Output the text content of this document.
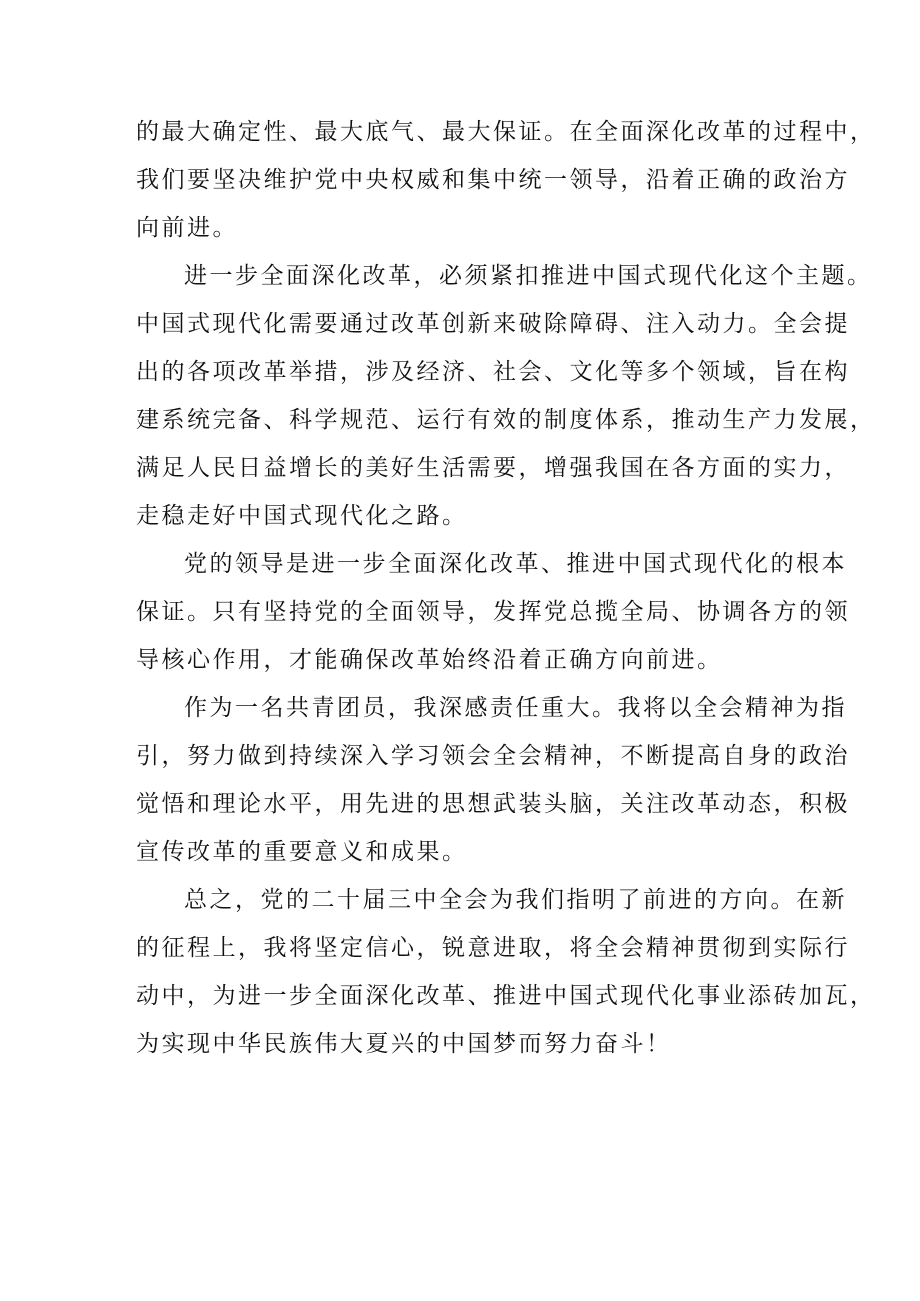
的最大确定性、最大底气、最大保证。在全面深化改革的过程中，
我们要坚决维护党中央权威和集中统一领导，沿着正确的政治方
向前进。
进一步全面深化改革，必须紧扣推进中国式现代化这个主题。
中国式现代化需要通过改革创新来破除障碍、注入动力。全会提
出的各项改革举措，涉及经济、社会、文化等多个领域，旨在构
建系统完备、科学规范、运行有效的制度体系，推动生产力发展，
满足人民日益增长的美好生活需要，增强我国在各方面的实力，
走稳走好中国式现代化之路。
党的领导是进一步全面深化改革、推进中国式现代化的根本
保证。只有坚持党的全面领导，发挥党总揽全局、协调各方的领
导核心作用，才能确保改革始终沿着正确方向前进。
作为一名共青团员，我深感责任重大。我将以全会精神为指
引，努力做到持续深入学习领会全会精神，不断提高自身的政治
觉悟和理论水平，用先进的思想武装头脑，关注改革动态，积极
宣传改革的重要意义和成果。
总之，党的二十届三中全会为我们指明了前进的方向。在新
的征程上，我将坚定信心，锐意进取，将全会精神贯彻到实际行
动中，为进一步全面深化改革、推进中国式现代化事业添砖加瓦，
为实现中华民族伟大夏兴的中国梦而努力奋斗！
